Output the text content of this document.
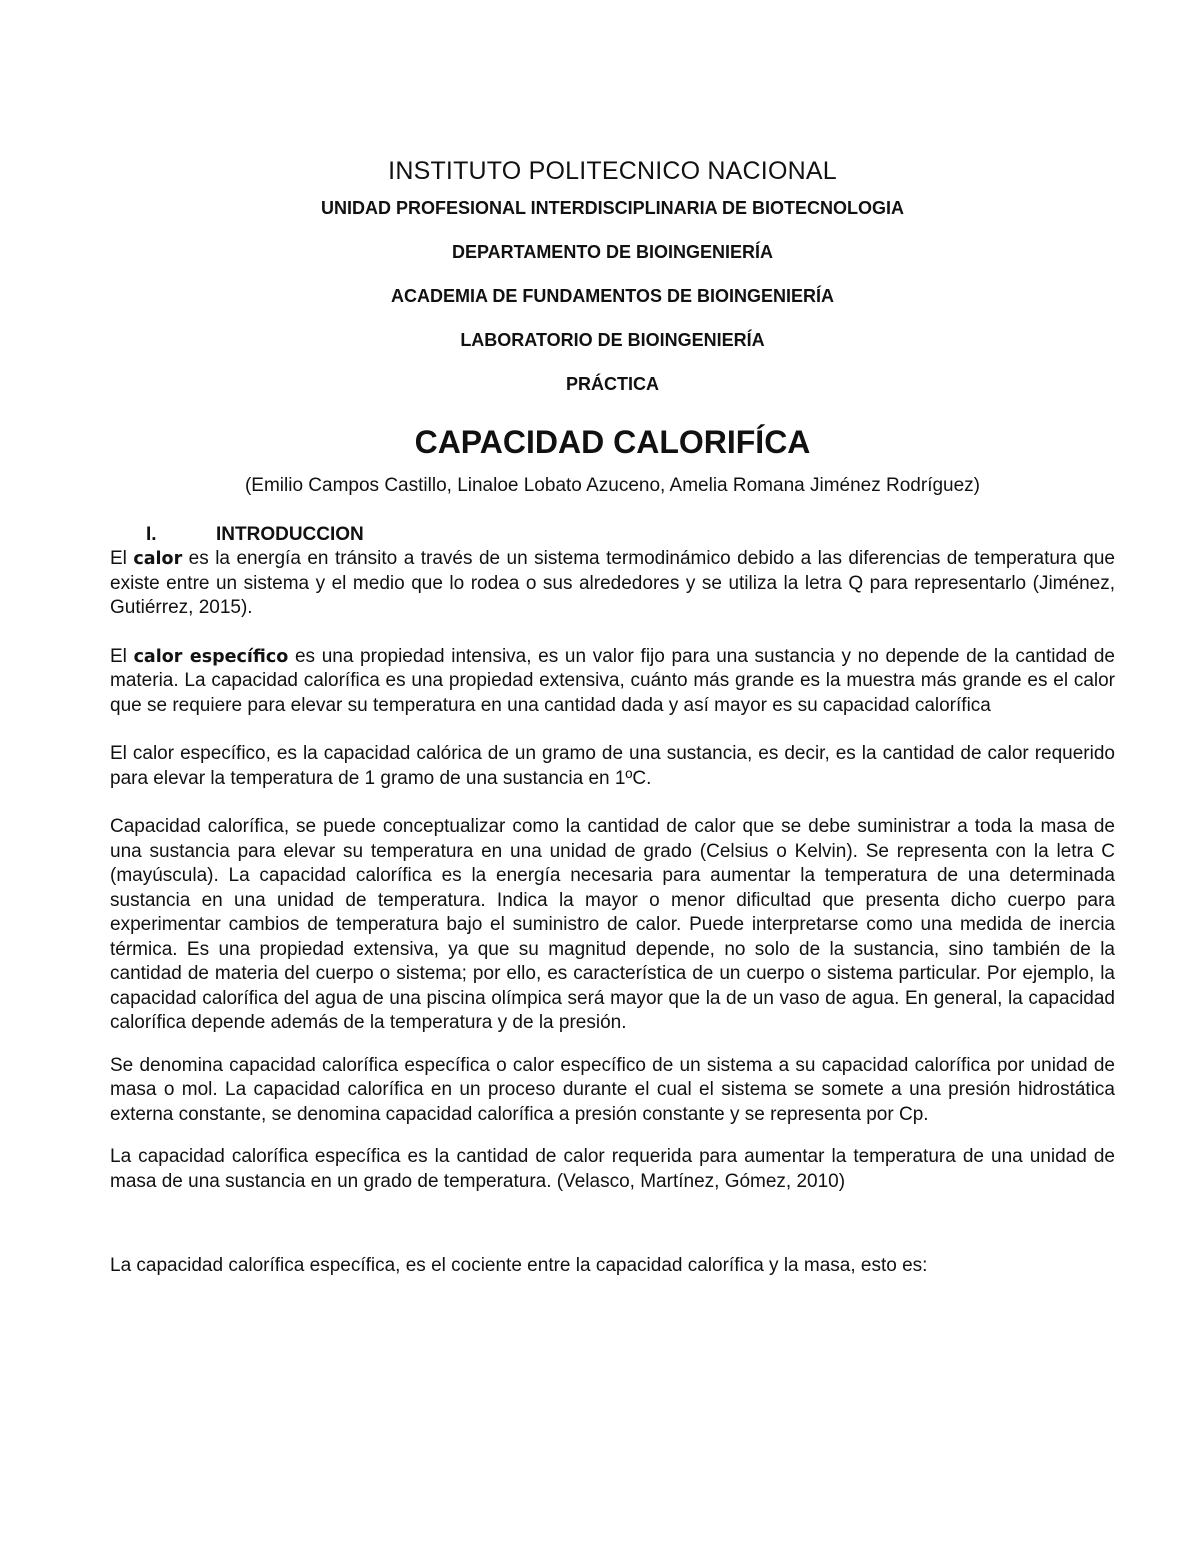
INSTITUTO POLITECNICO NACIONAL

UNIDAD PROFESIONAL INTERDISCIPLINARIA DE BIOTECNOLOGIA

DEPARTAMENTO DE BIOINGENIERÍA

ACADEMIA DE FUNDAMENTOS DE BIOINGENIERÍA

LABORATORIO DE BIOINGENIERÍA

PRÁCTICA

CAPACIDAD CALORIFÍCA

(Emilio Campos Castillo, Linaloe Lobato Azuceno, Amelia Romana Jiménez Rodríguez)

I.	INTRODUCCION

El calor es la energía en tránsito a través de un sistema termodinámico debido a las diferencias de temperatura que existe entre un sistema y el medio que lo rodea o sus alrededores y se utiliza la letra Q para representarlo (Jiménez, Gutiérrez, 2015).

El calor específico es una propiedad intensiva, es un valor fijo para una sustancia y no depende de la cantidad de materia. La capacidad calorífica es una propiedad extensiva, cuánto más grande es la muestra más grande es el calor que se requiere para elevar su temperatura en una cantidad dada y así mayor es su capacidad calorífica

El calor específico, es la capacidad calórica de un gramo de una sustancia, es decir, es la cantidad de calor requerido para elevar la temperatura de 1 gramo de una sustancia en 1ºC.

Capacidad calorífica, se puede conceptualizar como la cantidad de calor que se debe suministrar a toda la masa de una sustancia para elevar su temperatura en una unidad de grado (Celsius o Kelvin). Se representa con la letra C (mayúscula). La capacidad calorífica es la energía necesaria para aumentar la temperatura de una determinada sustancia en una unidad de temperatura. Indica la mayor o menor dificultad que presenta dicho cuerpo para experimentar cambios de temperatura bajo el suministro de calor. Puede interpretarse como una medida de inercia térmica. Es una propiedad extensiva, ya que su magnitud depende, no solo de la sustancia, sino también de la cantidad de materia del cuerpo o sistema; por ello, es característica de un cuerpo o sistema particular. Por ejemplo, la capacidad calorífica del agua de una piscina olímpica será mayor que la de un vaso de agua. En general, la capacidad calorífica depende además de la temperatura y de la presión.

Se denomina capacidad calorífica específica o calor específico de un sistema a su capacidad calorífica por unidad de masa o mol. La capacidad calorífica en un proceso durante el cual el sistema se somete a una presión hidrostática externa constante, se denomina capacidad calorífica a presión constante y se representa por Cp.

La capacidad calorífica específica es la cantidad de calor requerida para aumentar la temperatura de una unidad de masa de una sustancia en un grado de temperatura. (Velasco, Martínez, Gómez, 2010)

La capacidad calorífica específica, es el cociente entre la capacidad calorífica y la masa, esto es:
